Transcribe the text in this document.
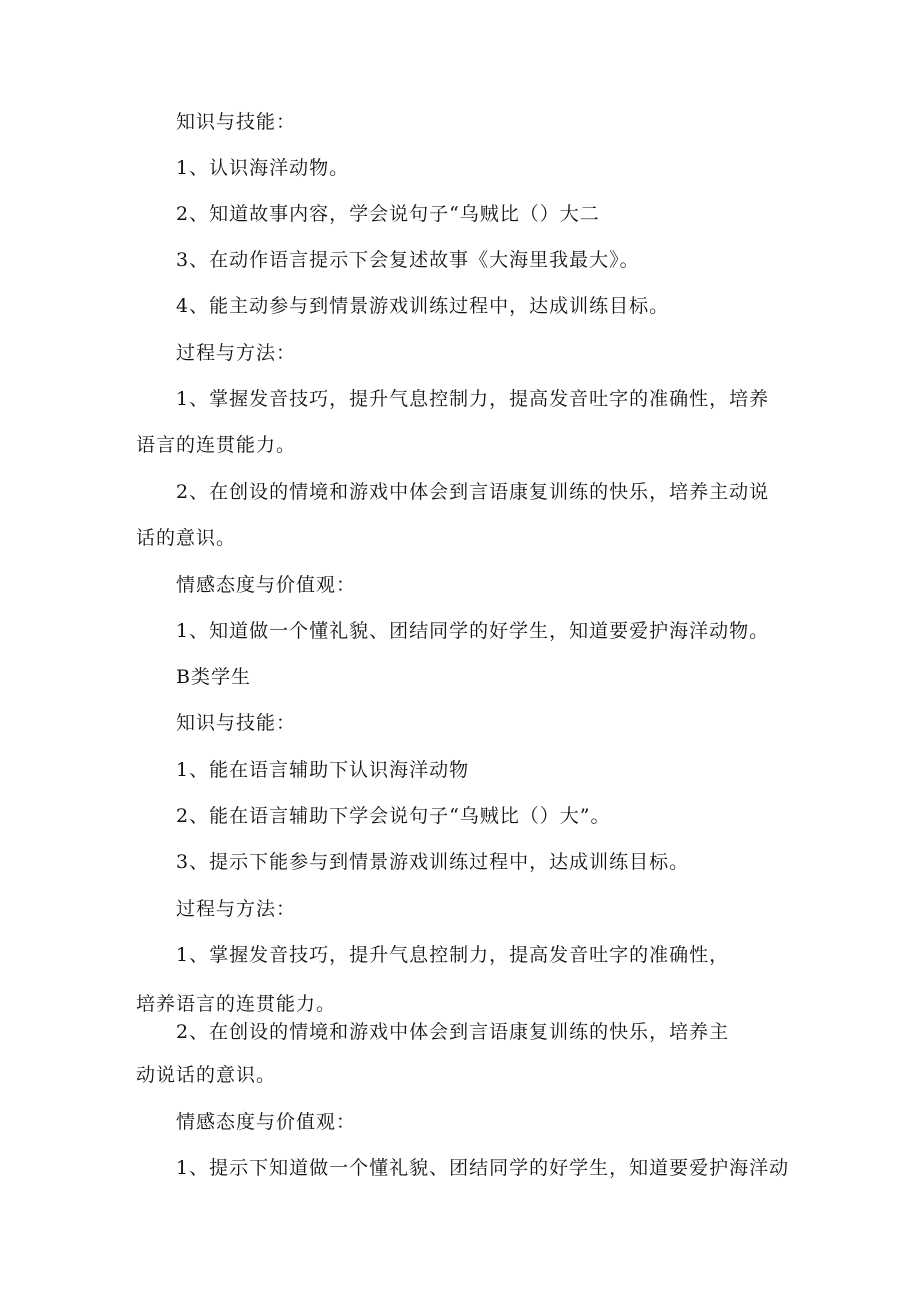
知识与技能：
1、认识海洋动物。
2、知道故事内容，学会说句子“乌贼比（）大二
3、在动作语言提示下会复述故事《大海里我最大》。
4、能主动参与到情景游戏训练过程中，达成训练目标。
过程与方法：
1、掌握发音技巧，提升气息控制力，提高发音吐字的准确性，培养
语言的连贯能力。
2、在创设的情境和游戏中体会到言语康复训练的快乐，培养主动说
话的意识。
情感态度与价值观：
1、知道做一个懂礼貌、团结同学的好学生，知道要爱护海洋动物。
B类学生
知识与技能：
1、能在语言辅助下认识海洋动物
2、能在语言辅助下学会说句子“乌贼比（）大”。
3、提示下能参与到情景游戏训练过程中，达成训练目标。
过程与方法：
1、掌握发音技巧，提升气息控制力，提高发音吐字的准确性，
培养语言的连贯能力。
2、在创设的情境和游戏中体会到言语康复训练的快乐，培养主
动说话的意识。
情感态度与价值观：
1、提示下知道做一个懂礼貌、团结同学的好学生，知道要爱护海洋动
